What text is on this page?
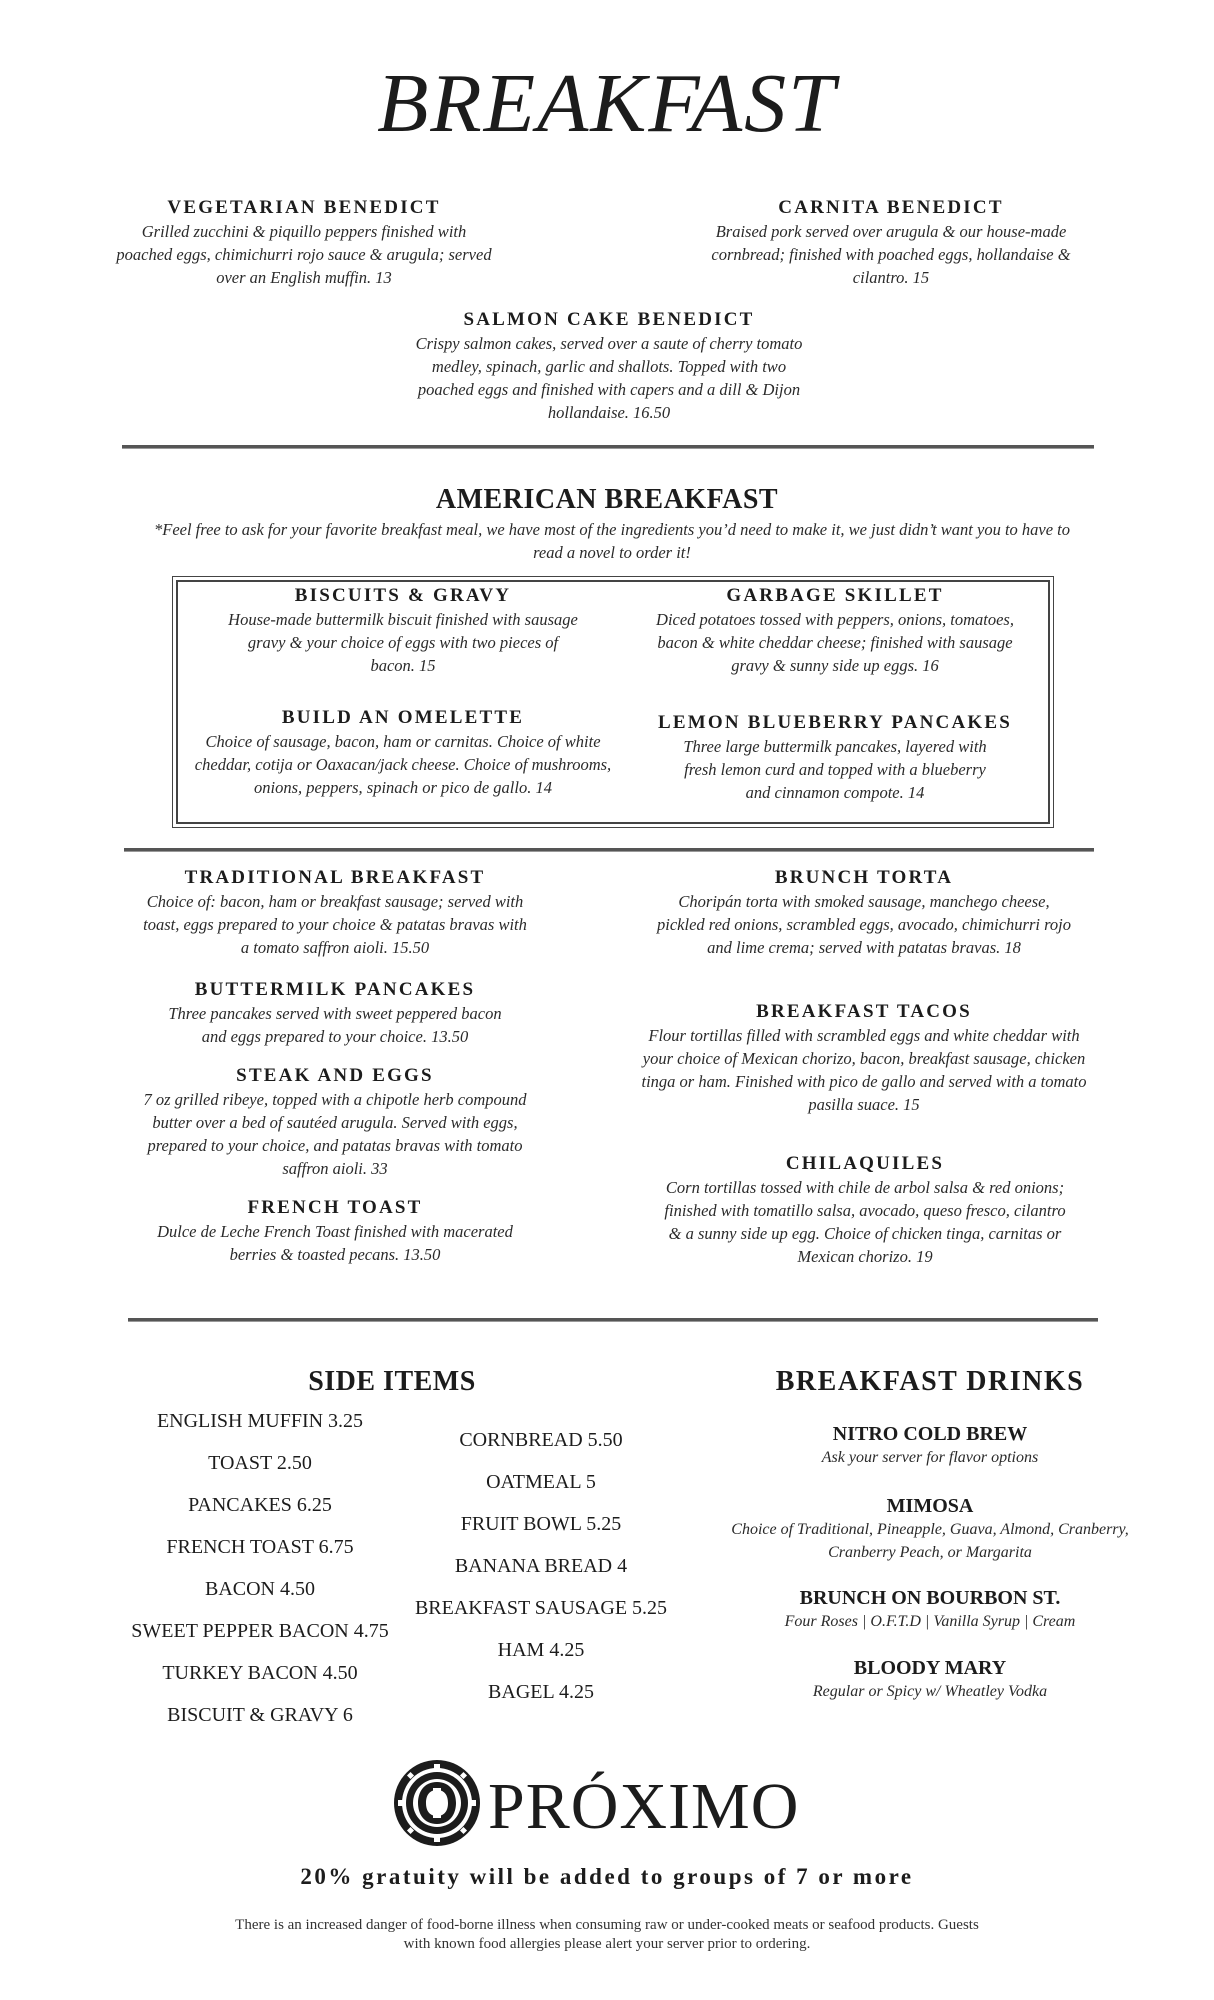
BREAKFAST
VEGETARIAN BENEDICT
Grilled zucchini & piquillo peppers finished with poached eggs, chimichurri rojo sauce & arugula; served over an English muffin. 13
CARNITA BENEDICT
Braised pork served over arugula & our house-made cornbread; finished with poached eggs, hollandaise & cilantro. 15
SALMON CAKE BENEDICT
Crispy salmon cakes, served over a saute of cherry tomato medley, spinach, garlic and shallots. Topped with two poached eggs and finished with capers and a dill & Dijon hollandaise. 16.50
AMERICAN BREAKFAST
*Feel free to ask for your favorite breakfast meal, we have most of the ingredients you’d need to make it, we just didn’t want you to have to read a novel to order it!
BISCUITS & GRAVY
House-made buttermilk biscuit finished with sausage gravy & your choice of eggs with two pieces of bacon. 15
GARBAGE SKILLET
Diced potatoes tossed with peppers, onions, tomatoes, bacon & white cheddar cheese; finished with sausage gravy & sunny side up eggs. 16
BUILD AN OMELETTE
Choice of sausage, bacon, ham or carnitas. Choice of white cheddar, cotija or Oaxacan/jack cheese. Choice of mushrooms, onions, peppers, spinach or pico de gallo. 14
LEMON BLUEBERRY PANCAKES
Three large buttermilk pancakes, layered with fresh lemon curd and topped with a blueberry and cinnamon compote. 14
TRADITIONAL BREAKFAST
Choice of: bacon, ham or breakfast sausage; served with toast, eggs prepared to your choice & patatas bravas with a tomato saffron aioli. 15.50
BUTTERMILK PANCAKES
Three pancakes served with sweet peppered bacon and eggs prepared to your choice. 13.50
STEAK AND EGGS
7 oz grilled ribeye, topped with a chipotle herb compound butter over a bed of sautéed arugula. Served with eggs, prepared to your choice, and patatas bravas with tomato saffron aioli. 33
FRENCH TOAST
Dulce de Leche French Toast finished with macerated berries & toasted pecans. 13.50
BRUNCH TORTA
Choripán torta with smoked sausage, manchego cheese, pickled red onions, scrambled eggs, avocado, chimichurri rojo and lime crema; served with patatas bravas. 18
BREAKFAST TACOS
Flour tortillas filled with scrambled eggs and white cheddar with your choice of Mexican chorizo, bacon, breakfast sausage, chicken tinga or ham. Finished with pico de gallo and served with a tomato pasilla suace. 15
CHILAQUILES
Corn tortillas tossed with chile de arbol salsa & red onions; finished with tomatillo salsa, avocado, queso fresco, cilantro & a sunny side up egg. Choice of chicken tinga, carnitas or Mexican chorizo. 19
SIDE ITEMS
ENGLISH MUFFIN 3.25
TOAST 2.50
PANCAKES 6.25
FRENCH TOAST 6.75
BACON 4.50
SWEET PEPPER BACON 4.75
TURKEY BACON 4.50
BISCUIT & GRAVY 6
CORNBREAD 5.50
OATMEAL 5
FRUIT BOWL 5.25
BANANA BREAD 4
BREAKFAST SAUSAGE 5.25
HAM 4.25
BAGEL 4.25
BREAKFAST DRINKS
NITRO COLD BREW
Ask your server for flavor options
MIMOSA
Choice of Traditional, Pineapple, Guava, Almond, Cranberry, Cranberry Peach, or Margarita
BRUNCH ON BOURBON ST.
Four Roses | O.F.T.D | Vanilla Syrup | Cream
BLOODY MARY
Regular or Spicy w/ Wheatley Vodka
PRÓXIMO
20% gratuity will be added to groups of 7 or more
There is an increased danger of food-borne illness when consuming raw or under-cooked meats or seafood products. Guests with known food allergies please alert your server prior to ordering.
